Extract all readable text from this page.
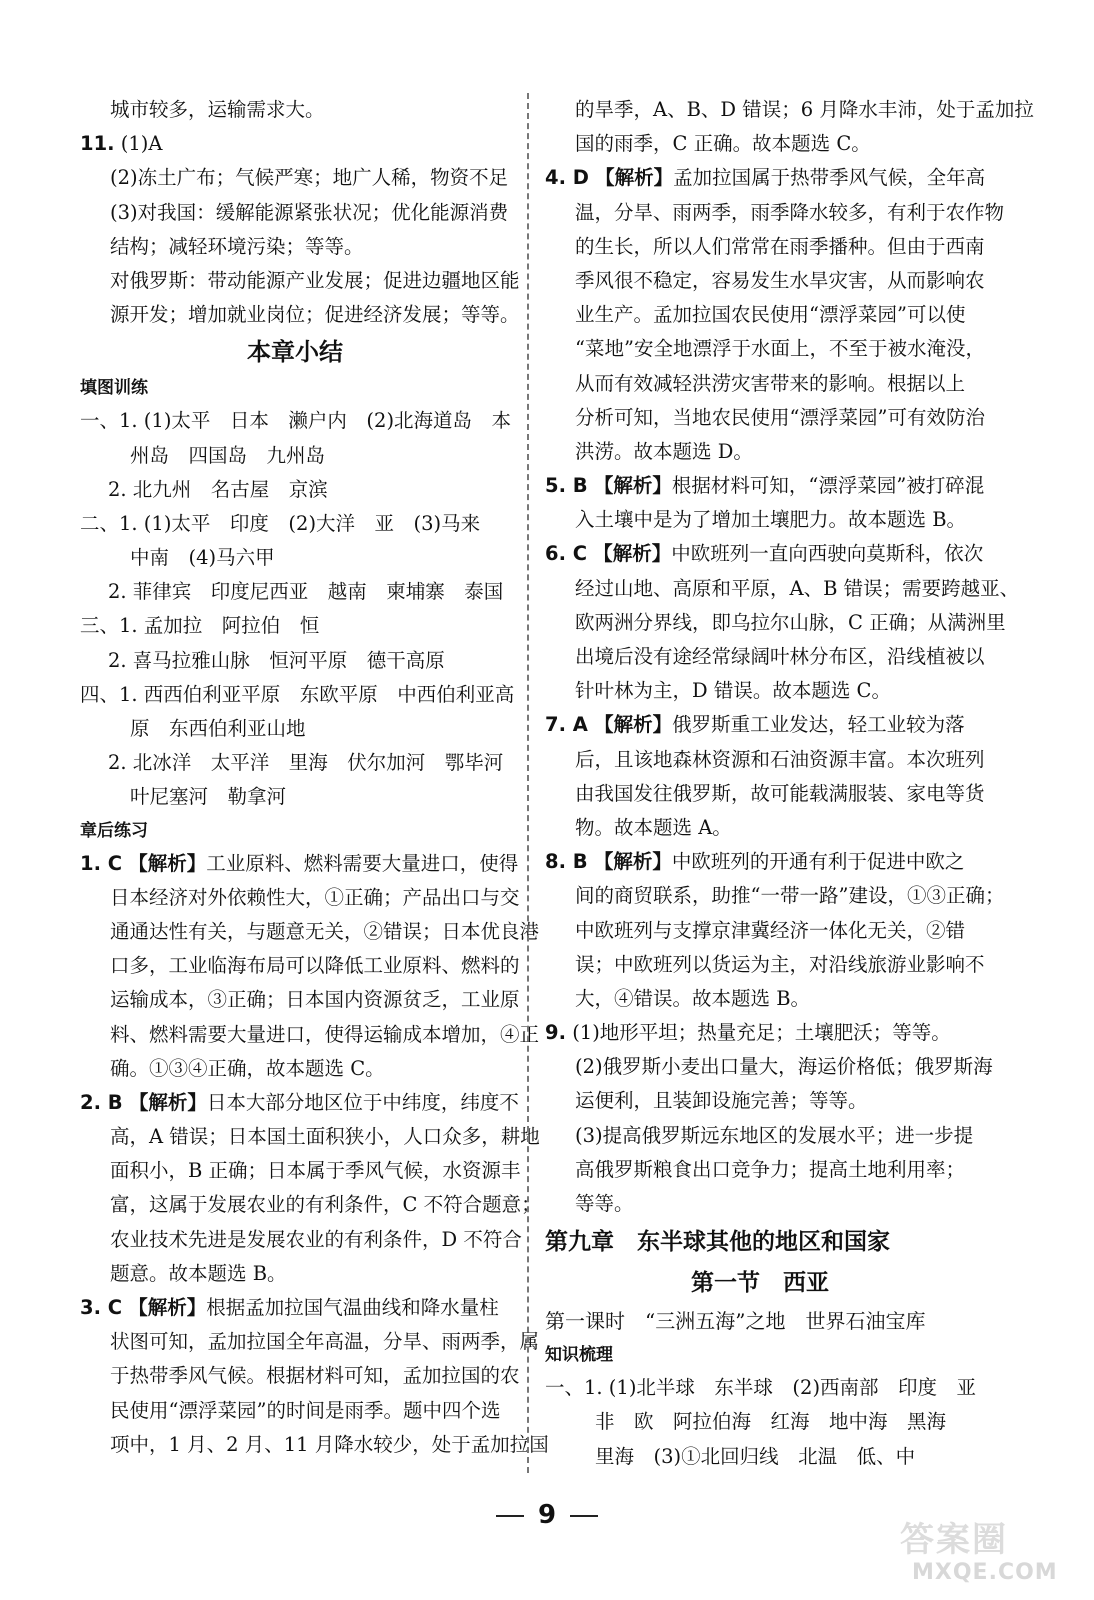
城市较多，运输需求大。
11. (1)A
(2)冻土广布；气候严寒；地广人稀，物资不足
(3)对我国：缓解能源紧张状况；优化能源消费
结构；减轻环境污染；等等。
对俄罗斯：带动能源产业发展；促进边疆地区能
源开发；增加就业岗位；促进经济发展；等等。
本章小结
填图训练
一、1. (1)太平　日本　濑户内　(2)北海道岛　本
州岛　四国岛　九州岛
2. 北九州　名古屋　京滨
二、1. (1)太平　印度　(2)大洋　亚　(3)马来
中南　(4)马六甲
2. 菲律宾　印度尼西亚　越南　柬埔寨　泰国
三、1. 孟加拉　阿拉伯　恒
2. 喜马拉雅山脉　恒河平原　德干高原
四、1. 西西伯利亚平原　东欧平原　中西伯利亚高
原　东西伯利亚山地
2. 北冰洋　太平洋　里海　伏尔加河　鄂毕河
叶尼塞河　勒拿河
章后练习
1. C 【解析】工业原料、燃料需要大量进口，使得
日本经济对外依赖性大，①正确；产品出口与交
通通达性有关，与题意无关，②错误；日本优良港
口多，工业临海布局可以降低工业原料、燃料的
运输成本，③正确；日本国内资源贫乏，工业原
料、燃料需要大量进口，使得运输成本增加，④正
确。①③④正确，故本题选 C。
2. B 【解析】日本大部分地区位于中纬度，纬度不
高，A 错误；日本国土面积狭小，人口众多，耕地
面积小，B 正确；日本属于季风气候，水资源丰
富，这属于发展农业的有利条件，C 不符合题意；
农业技术先进是发展农业的有利条件，D 不符合
题意。故本题选 B。
3. C 【解析】根据孟加拉国气温曲线和降水量柱
状图可知，孟加拉国全年高温，分旱、雨两季，属
于热带季风气候。根据材料可知，孟加拉国的农
民使用“漂浮菜园”的时间是雨季。题中四个选
项中，1 月、2 月、11 月降水较少，处于孟加拉国
的旱季，A、B、D 错误；6 月降水丰沛，处于孟加拉
国的雨季，C 正确。故本题选 C。
4. D 【解析】孟加拉国属于热带季风气候，全年高
温，分旱、雨两季，雨季降水较多，有利于农作物
的生长，所以人们常常在雨季播种。但由于西南
季风很不稳定，容易发生水旱灾害，从而影响农
业生产。孟加拉国农民使用“漂浮菜园”可以使
“菜地”安全地漂浮于水面上，不至于被水淹没，
从而有效减轻洪涝灾害带来的影响。根据以上
分析可知，当地农民使用“漂浮菜园”可有效防治
洪涝。故本题选 D。
5. B 【解析】根据材料可知，“漂浮菜园”被打碎混
入土壤中是为了增加土壤肥力。故本题选 B。
6. C 【解析】中欧班列一直向西驶向莫斯科，依次
经过山地、高原和平原，A、B 错误；需要跨越亚、
欧两洲分界线，即乌拉尔山脉，C 正确；从满洲里
出境后没有途经常绿阔叶林分布区，沿线植被以
针叶林为主，D 错误。故本题选 C。
7. A 【解析】俄罗斯重工业发达，轻工业较为落
后，且该地森林资源和石油资源丰富。本次班列
由我国发往俄罗斯，故可能载满服装、家电等货
物。故本题选 A。
8. B 【解析】中欧班列的开通有利于促进中欧之
间的商贸联系，助推“一带一路”建设，①③正确；
中欧班列与支撑京津冀经济一体化无关，②错
误；中欧班列以货运为主，对沿线旅游业影响不
大，④错误。故本题选 B。
9. (1)地形平坦；热量充足；土壤肥沃；等等。
(2)俄罗斯小麦出口量大，海运价格低；俄罗斯海
运便利，且装卸设施完善；等等。
(3)提高俄罗斯远东地区的发展水平；进一步提
高俄罗斯粮食出口竞争力；提高土地利用率；
等等。
第九章　东半球其他的地区和国家
第一节　西亚
第一课时　“三洲五海”之地　世界石油宝库
知识梳理
一、1. (1)北半球　东半球　(2)西南部　印度　亚
非　欧　阿拉伯海　红海　地中海　黑海
里海　(3)①北回归线　北温　低、中
9
答案圈
MXQE.COM
